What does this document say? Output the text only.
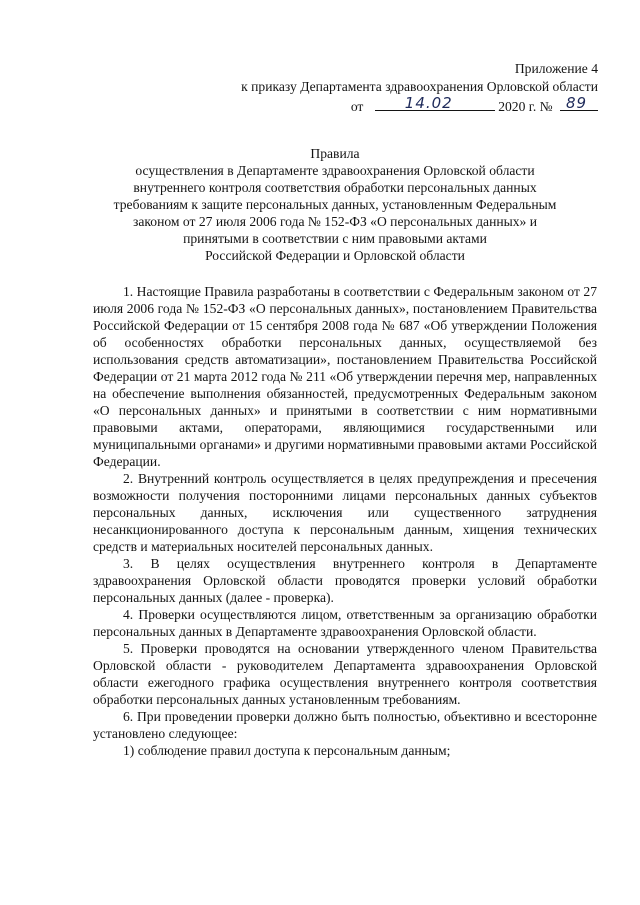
Приложение 4
к приказу Департамента здравоохранения Орловской области
от	14.02	2020 г. № 89
Правила
осуществления в Департаменте здравоохранения Орловской области
внутреннего контроля соответствия обработки персональных данных
требованиям к защите персональных данных, установленным Федеральным
законом от 27 июля 2006 года № 152-ФЗ «О персональных данных» и
принятыми в соответствии с ним правовыми актами
Российской Федерации и Орловской области

1. Настоящие Правила разработаны в соответствии с Федеральным законом от 27 июля 2006 года № 152-ФЗ «О персональных данных», постановлением Правительства Российской Федерации от 15 сентября 2008 года № 687 «Об утверждении Положения об особенностях обработки персональных данных, осуществляемой без использования средств автоматизации», постановлением Правительства Российской Федерации от 21 марта 2012 года № 211 «Об утверждении перечня мер, направленных на обеспечение выполнения обязанностей, предусмотренных Федеральным законом «О персональных данных» и принятыми в соответствии с ним нормативными правовыми актами, операторами, являющимися государственными или муниципальными органами» и другими нормативными правовыми актами Российской Федерации.

2. Внутренний контроль осуществляется в целях предупреждения и пресечения возможности получения посторонними лицами персональных данных субъектов персональных данных, исключения или существенного затруднения несанкционированного доступа к персональным данным, хищения технических средств и материальных носителей персональных данных.

3. В целях осуществления внутреннего контроля в Департаменте здравоохранения Орловской области проводятся проверки условий обработки персональных данных (далее - проверка).

4. Проверки осуществляются лицом, ответственным за организацию обработки персональных данных в Департаменте здравоохранения Орловской области.

5. Проверки проводятся на основании утвержденного членом Правительства Орловской области - руководителем Департамента здравоохранения Орловской области ежегодного графика осуществления внутреннего контроля соответствия обработки персональных данных установленным требованиям.

6. При проведении проверки должно быть полностью, объективно и всесторонне установлено следующее:

1) соблюдение правил доступа к персональным данным;
